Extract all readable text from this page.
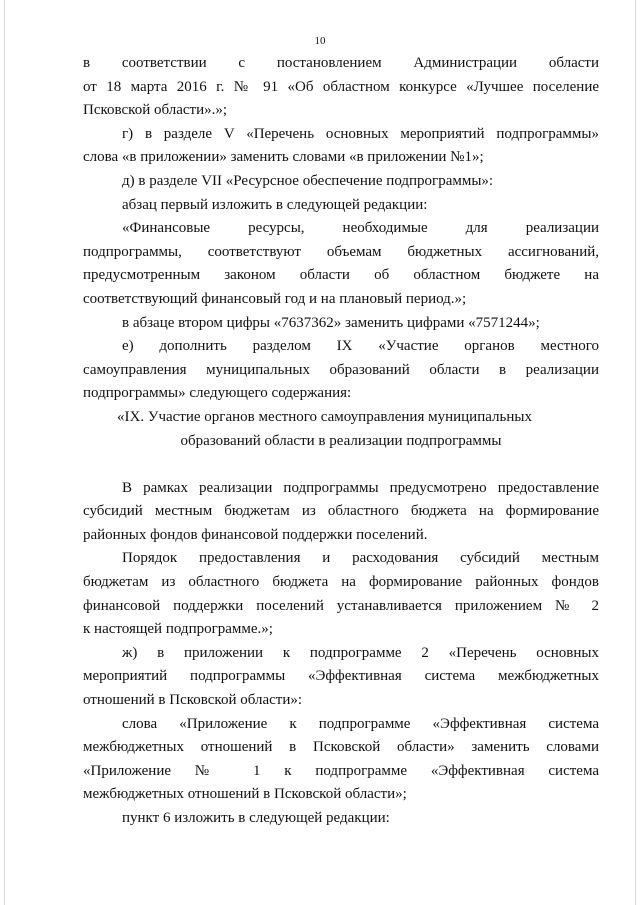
10
в соответствии с постановлением Администрации области
от 18 марта 2016 г. № 91 «Об областном конкурсе «Лучшее поселение
Псковской области».»;
г) в разделе V «Перечень основных мероприятий подпрограммы»
слова «в приложении» заменить словами «в приложении №1»;
д) в разделе VII «Ресурсное обеспечение подпрограммы»:
абзац первый изложить в следующей редакции:
«Финансовые ресурсы, необходимые для реализации
подпрограммы, соответствуют объемам бюджетных ассигнований,
предусмотренным законом области об областном бюджете на
соответствующий финансовый год и на плановый период.»;
в абзаце втором цифры «7637362» заменить цифрами «7571244»;
е) дополнить разделом IX «Участие органов местного
самоуправления муниципальных образований области в реализации
подпрограммы» следующего содержания:
«IX. Участие органов местного самоуправления муниципальных
образований области в реализации подпрограммы
В рамках реализации подпрограммы предусмотрено предоставление
субсидий местным бюджетам из областного бюджета на формирование
районных фондов финансовой поддержки поселений.
Порядок предоставления и расходования субсидий местным
бюджетам из областного бюджета на формирование районных фондов
финансовой поддержки поселений устанавливается приложением № 2
к настоящей подпрограмме.»;
ж) в приложении к подпрограмме 2 «Перечень основных
мероприятий подпрограммы «Эффективная система межбюджетных
отношений в Псковской области»:
слова «Приложение к подпрограмме «Эффективная система
межбюджетных отношений в Псковской области» заменить словами
«Приложение № 1 к подпрограмме «Эффективная система
межбюджетных отношений в Псковской области»;
пункт 6 изложить в следующей редакции:
